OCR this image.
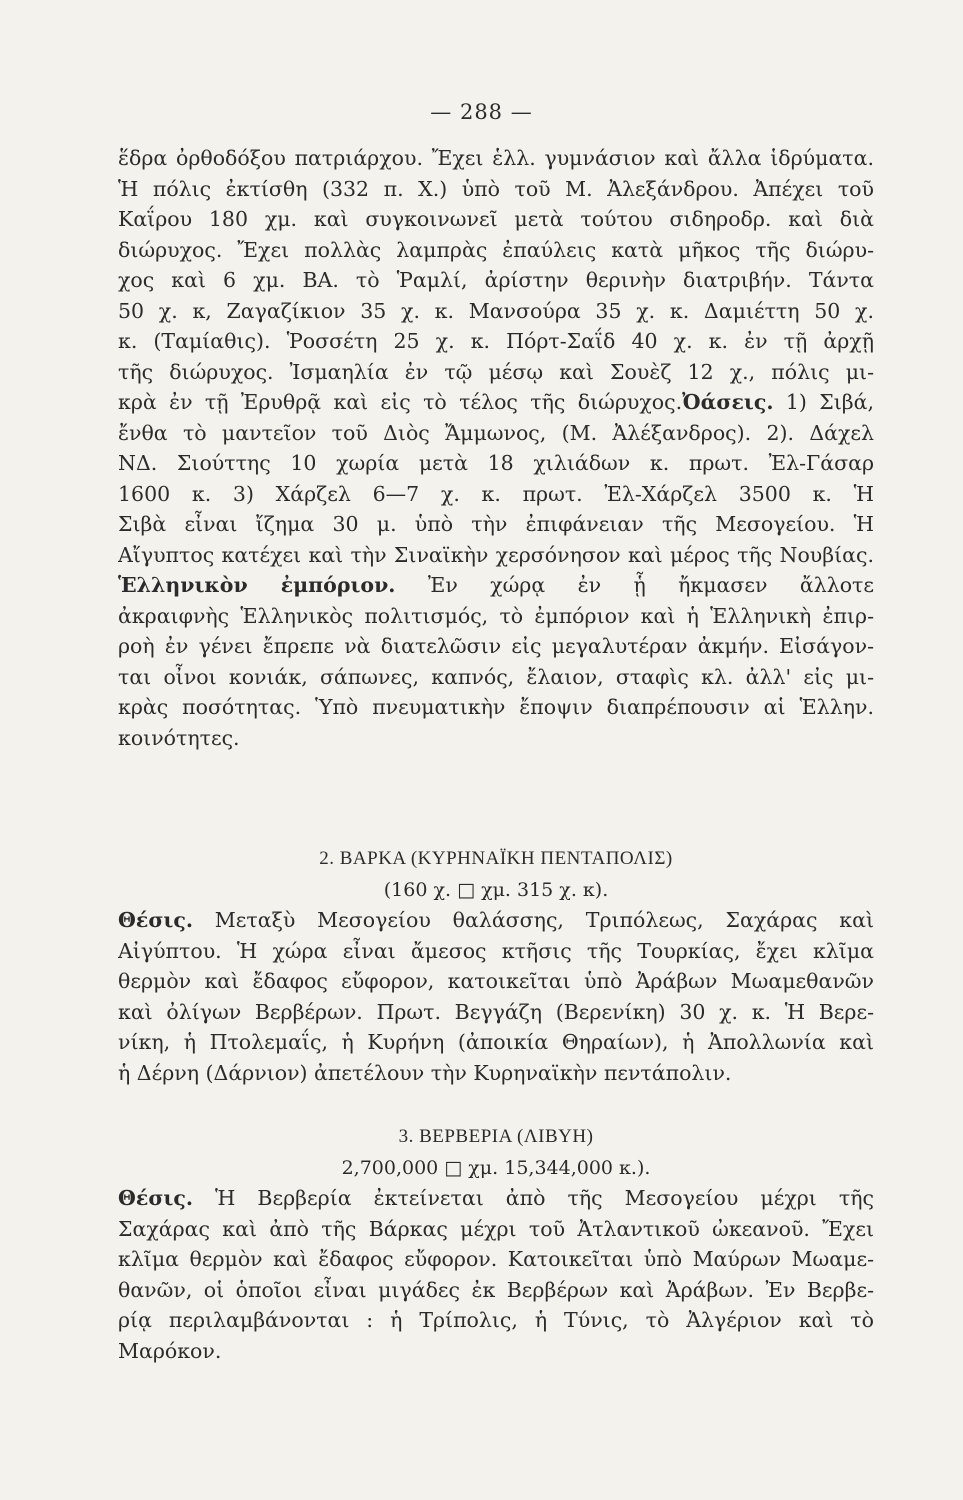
— 288 —
ἕδρα ὀρθοδόξου πατριάρχου. Ἔχει ἑλλ. γυμνάσιον καὶ ἄλλα ἱδρύματα.
Ἡ πόλις ἐκτίσθη (332 π. Χ.) ὑπὸ τοῦ Μ. Ἀλεξάνδρου. Ἀπέχει τοῦ
Καΐρου 180 χμ. καὶ συγκοινωνεῖ μετὰ τούτου σιδηροδρ. καὶ διὰ
διώρυχος. Ἔχει πολλὰς λαμπρὰς ἐπαύλεις κατὰ μῆκος τῆς διώρυ-
χος καὶ 6 χμ. ΒΑ. τὸ Ῥαμλί, ἀρίστην θερινὴν διατριβήν. Τάντα
50 χ. κ, Ζαγαζίκιον 35 χ. κ. Μανσούρα 35 χ. κ. Δαμιέττη 50 χ.
κ. (Ταμίαθις). Ῥοσσέτη 25 χ. κ. Πόρτ-Σαΐδ 40 χ. κ. ἐν τῇ ἀρχῇ
τῆς διώρυχος. Ἰσμαηλία ἐν τῷ μέσῳ καὶ Σουὲζ 12 χ., πόλις μι-
κρὰ ἐν τῇ Ἐρυθρᾷ καὶ εἰς τὸ τέλος τῆς διώρυχος.Ὀάσεις. 1) Σιβά,
ἔνθα τὸ μαντεῖον τοῦ Διὸς Ἄμμωνος, (Μ. Ἀλέξανδρος). 2). Δάχελ
ΝΔ. Σιούττης 10 χωρία μετὰ 18 χιλιάδων κ. πρωτ. Ἐλ-Γάσαρ
1600 κ. 3) Χάρζελ 6—7 χ. κ. πρωτ. Ἐλ-Χάρζελ 3500 κ. Ἡ
Σιβὰ εἶναι ἴζημα 30 μ. ὑπὸ τὴν ἐπιφάνειαν τῆς Μεσογείου. Ἡ
Αἴγυπτος κατέχει καὶ τὴν Σιναϊκὴν χερσόνησον καὶ μέρος τῆς Νουβίας.
Ἑλληνικὸν ἐμπόριον. Ἐν χώρᾳ ἐν ᾗ ἤκμασεν ἄλλοτε
ἀκραιφνὴς Ἑλληνικὸς πολιτισμός, τὸ ἐμπόριον καὶ ἡ Ἑλληνικὴ ἐπιρ-
ροὴ ἐν γένει ἔπρεπε νὰ διατελῶσιν εἰς μεγαλυτέραν ἀκμήν. Εἰσάγον-
ται οἶνοι κονιάκ, σάπωνες, καπνός, ἔλαιον, σταφὶς κλ. ἀλλ' εἰς μι-
κρὰς ποσότητας. Ὑπὸ πνευματικὴν ἔποψιν διαπρέπουσιν αἱ Ἑλλην.
κοινότητες.
2. ΒΑΡΚΑ (ΚΥΡΗΝΑΪΚΗ ΠΕΝΤΑΠΟΛΙΣ)
(160 χ. □ χμ. 315 χ. κ).
Θέσις. Μεταξὺ Μεσογείου θαλάσσης, Τριπόλεως, Σαχάρας καὶ
Αἰγύπτου. Ἡ χώρα εἶναι ἄμεσος κτῆσις τῆς Τουρκίας, ἔχει κλῖμα
θερμὸν καὶ ἔδαφος εὔφορον, κατοικεῖται ὑπὸ Ἀράβων Μωαμεθανῶν
καὶ ὀλίγων Βερβέρων. Πρωτ. Βεγγάζη (Βερενίκη) 30 χ. κ. Ἡ Βερε-
νίκη, ἡ Πτολεμαΐς, ἡ Κυρήνη (ἀποικία Θηραίων), ἡ Ἀπολλωνία καὶ
ἡ Δέρνη (Δάρνιον) ἀπετέλουν τὴν Κυρηναϊκὴν πεντάπολιν.
3. ΒΕΡΒΕΡΙΑ (ΛΙΒΥΗ)
2,700,000 □ χμ. 15,344,000 κ.).
Θέσις. Ἡ Βερβερία ἐκτείνεται ἀπὸ τῆς Μεσογείου μέχρι τῆς
Σαχάρας καὶ ἀπὸ τῆς Βάρκας μέχρι τοῦ Ἀτλαντικοῦ ὠκεανοῦ. Ἔχει
κλῖμα θερμὸν καὶ ἔδαφος εὔφορον. Κατοικεῖται ὑπὸ Μαύρων Μωαμε-
θανῶν, οἱ ὁποῖοι εἶναι μιγάδες ἐκ Βερβέρων καὶ Ἀράβων. Ἐν Βερβε-
ρίᾳ περιλαμβάνονται : ἡ Τρίπολις, ἡ Τύνις, τὸ Ἀλγέριον καὶ τὸ
Μαρόκον.
